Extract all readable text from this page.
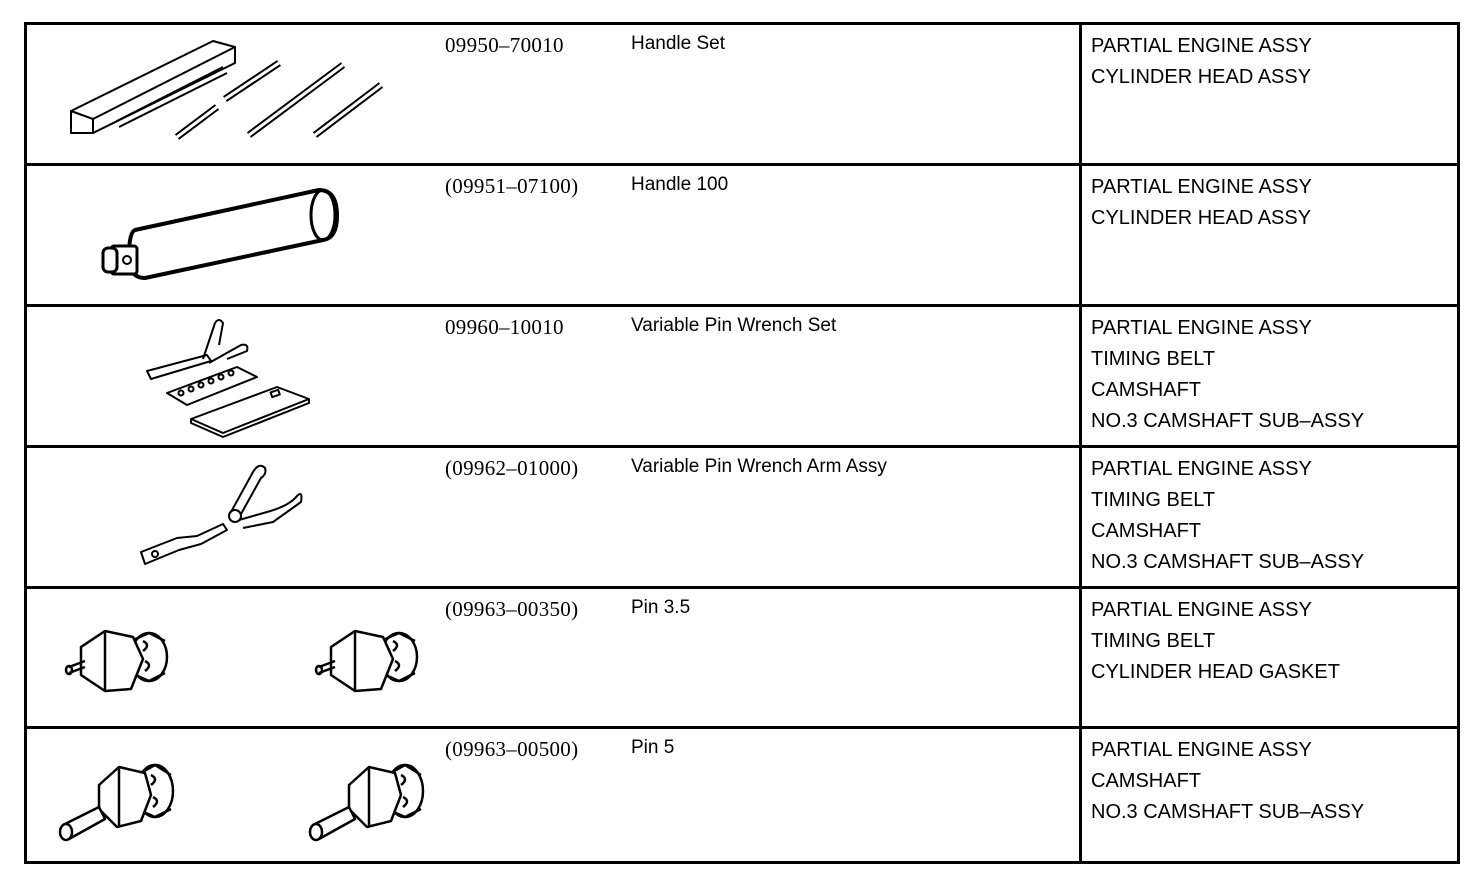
09950–70010	Handle Set	PARTIAL ENGINE ASSY
CYLINDER HEAD ASSY
(09951–07100)	Handle 100	PARTIAL ENGINE ASSY
CYLINDER HEAD ASSY
09960–10010	Variable Pin Wrench Set	PARTIAL ENGINE ASSY
TIMING BELT
CAMSHAFT
NO.3 CAMSHAFT SUB–ASSY
(09962–01000)	Variable Pin Wrench Arm Assy	PARTIAL ENGINE ASSY
TIMING BELT
CAMSHAFT
NO.3 CAMSHAFT SUB–ASSY
(09963–00350)	Pin 3.5	PARTIAL ENGINE ASSY
TIMING BELT
CYLINDER HEAD GASKET
(09963–00500)	Pin 5	PARTIAL ENGINE ASSY
CAMSHAFT
NO.3 CAMSHAFT SUB–ASSY
